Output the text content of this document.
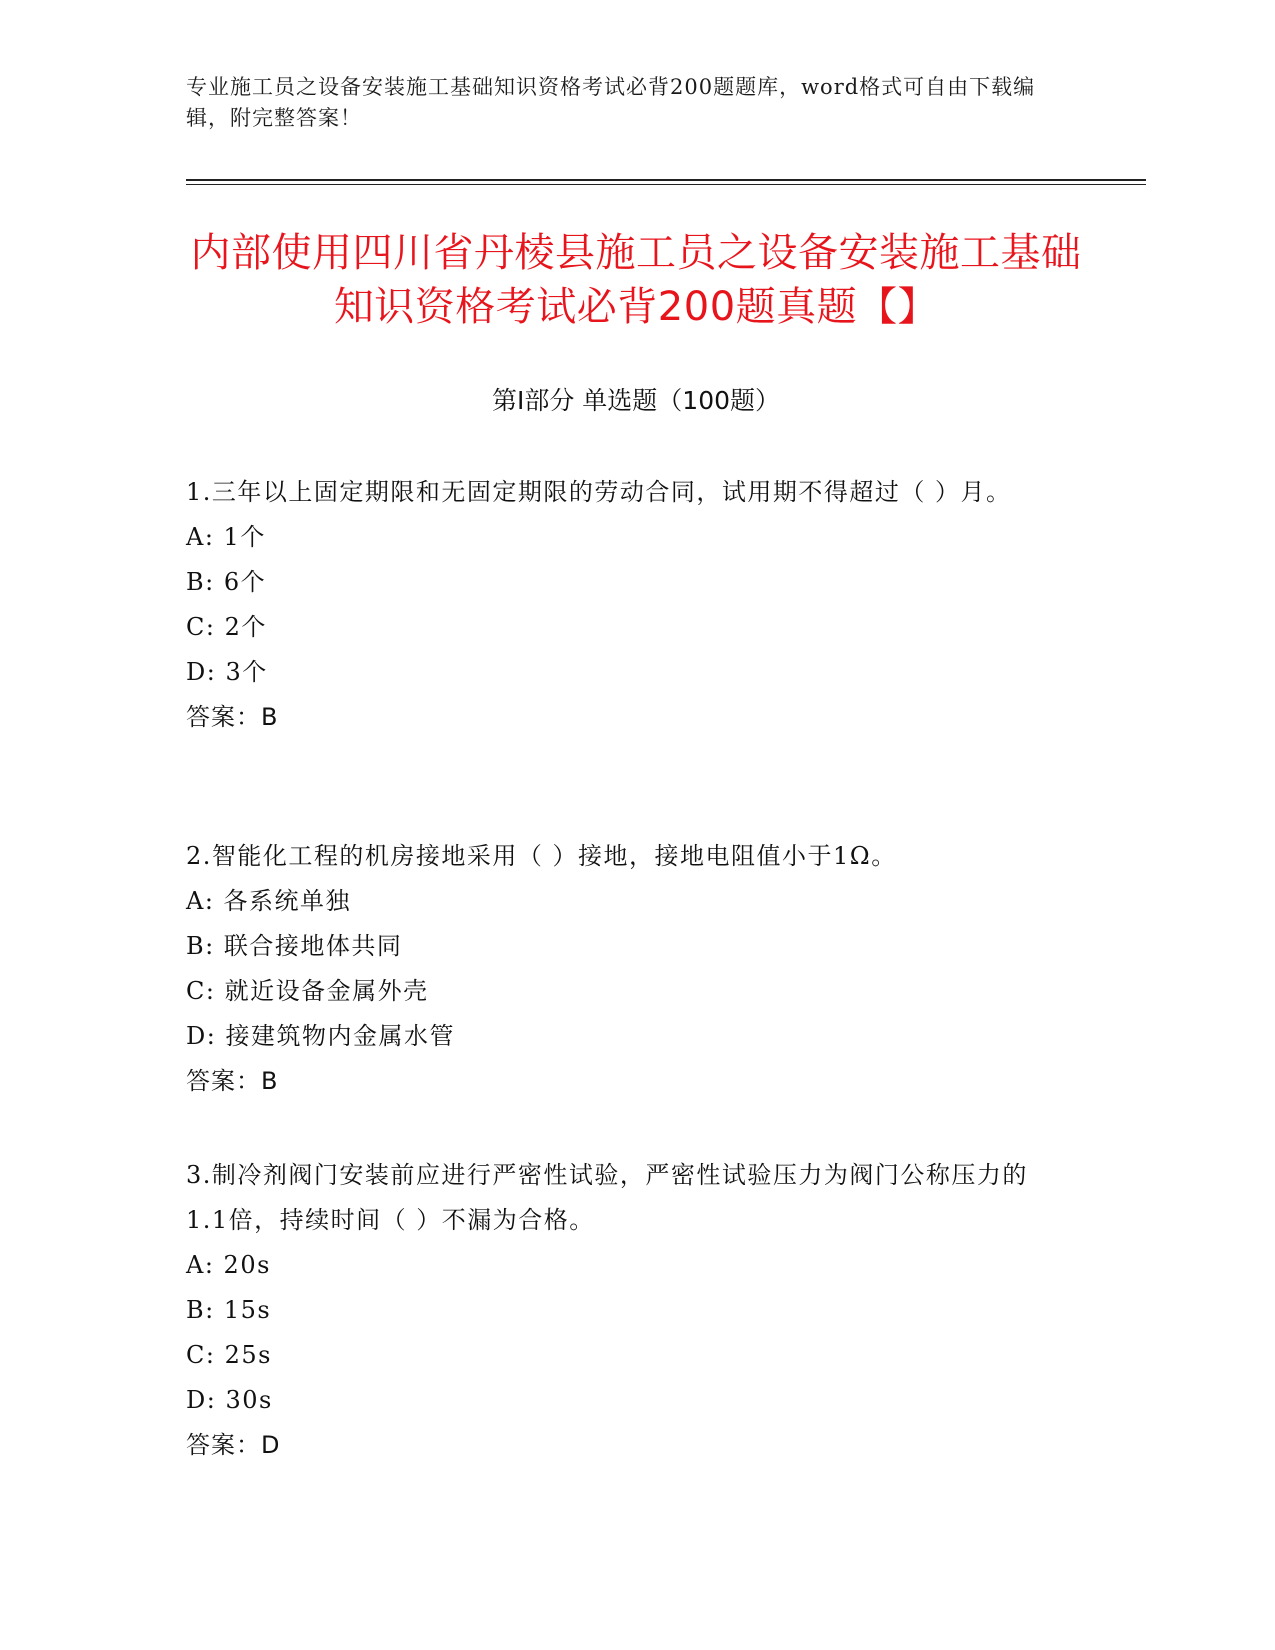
专业施工员之设备安装施工基础知识资格考试必背200题题库，word格式可自由下载编辑，附完整答案！
内部使用四川省丹棱县施工员之设备安装施工基础知识资格考试必背200题真题【】
第I部分 单选题（100题）
1.三年以上固定期限和无固定期限的劳动合同，试用期不得超过（ ）月。
A: 1个
B: 6个
C: 2个
D: 3个
答案：B
2.智能化工程的机房接地采用（ ）接地，接地电阻值小于1Ω。
A: 各系统单独
B: 联合接地体共同
C: 就近设备金属外壳
D: 接建筑物内金属水管
答案：B
3.制冷剂阀门安装前应进行严密性试验，严密性试验压力为阀门公称压力的1.1倍，持续时间（ ）不漏为合格。
A: 20s
B: 15s
C: 25s
D: 30s
答案：D
